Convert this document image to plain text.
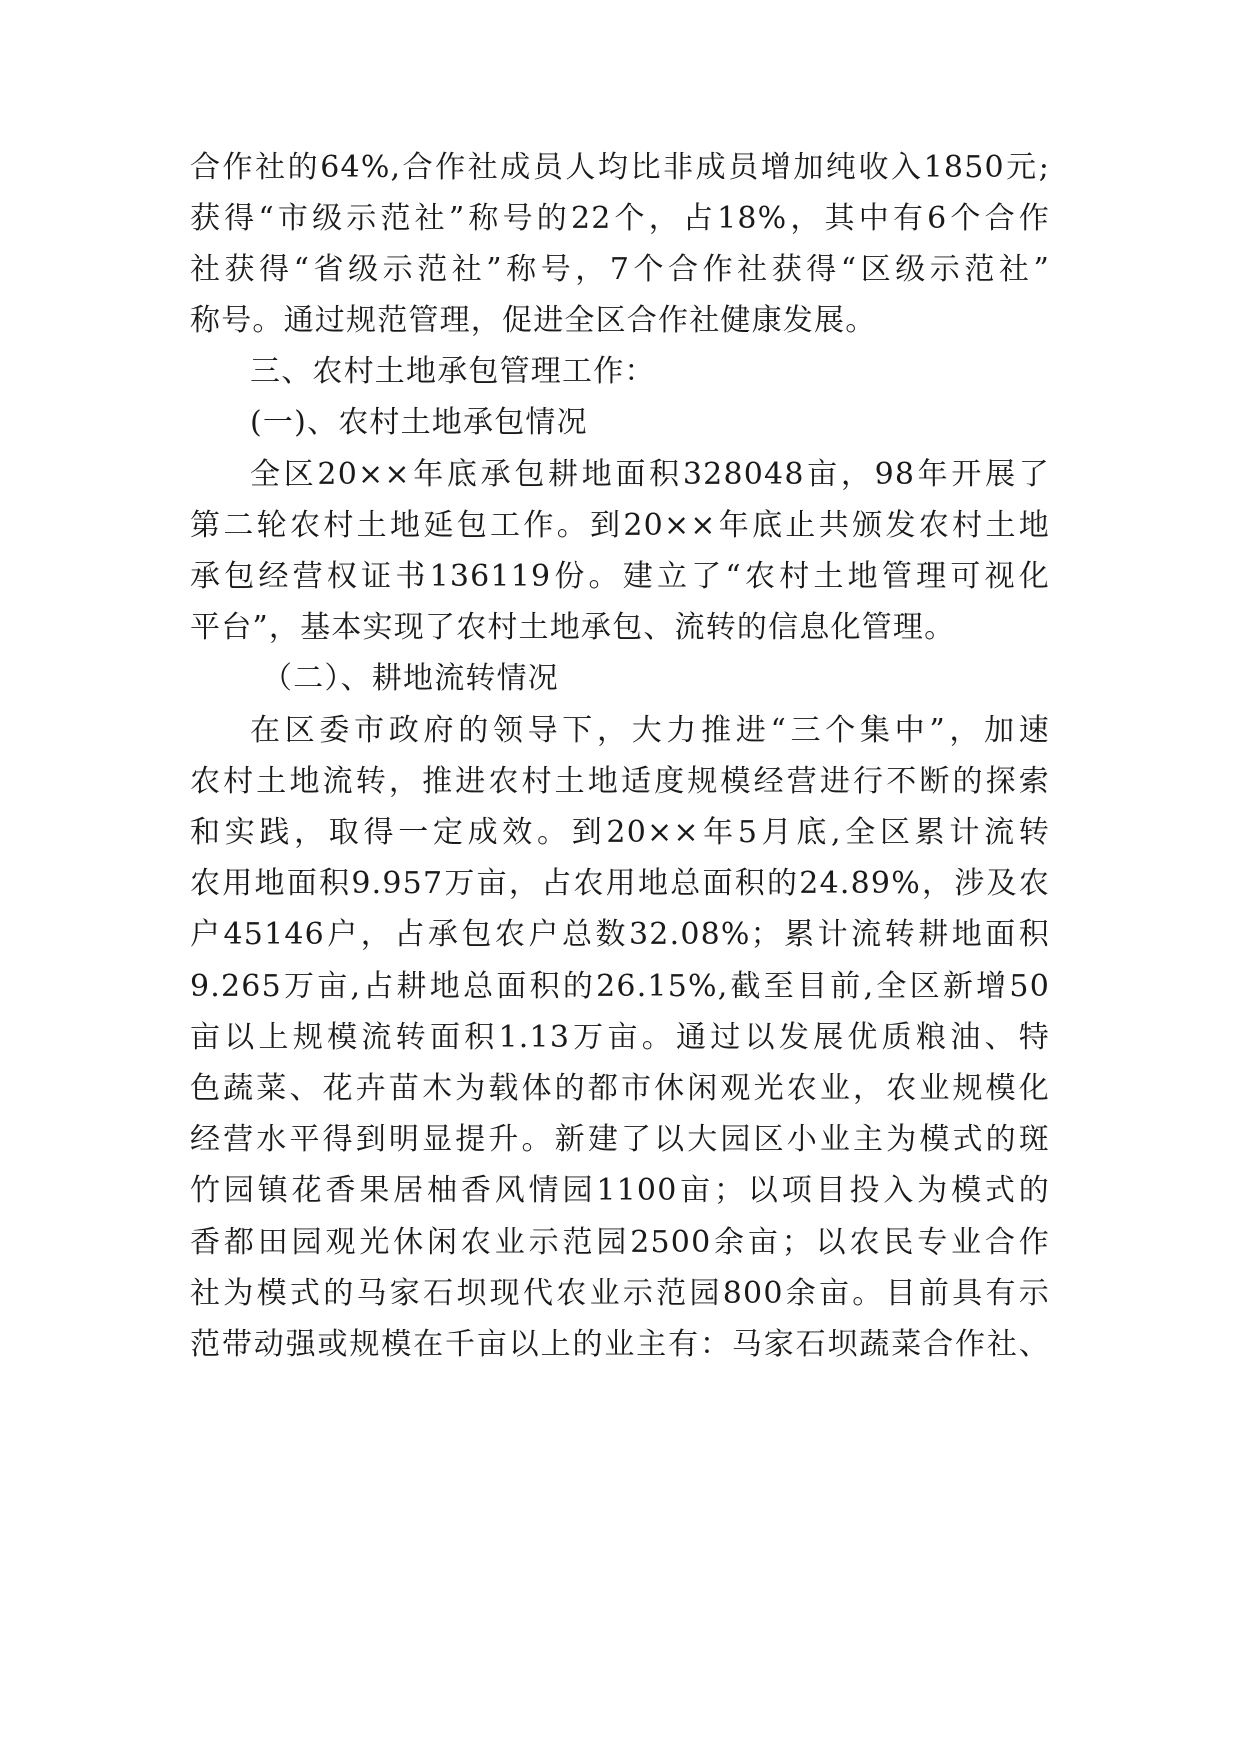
合作社的64%,合作社成员人均比非成员增加纯收入1850元;

获得“市级示范社”称号的22个，占18%，其中有6个合作

社获得“省级示范社”称号，7个合作社获得“区级示范社”

称号。通过规范管理，促进全区合作社健康发展。

三、农村土地承包管理工作：

(一)、农村土地承包情况

全区20××年底承包耕地面积328048亩，98年开展了

第二轮农村土地延包工作。到20××年底止共颁发农村土地

承包经营权证书136119份。建立了“农村土地管理可视化

平台”，基本实现了农村土地承包、流转的信息化管理。

（二）、耕地流转情况

在区委市政府的领导下，大力推进“三个集中”，加速

农村土地流转，推进农村土地适度规模经营进行不断的探索

和实践，取得一定成效。到20××年5月底,全区累计流转

农用地面积9.957万亩，占农用地总面积的24.89%，涉及农

户45146户，占承包农户总数32.08%；累计流转耕地面积

9.265万亩,占耕地总面积的26.15%,截至目前,全区新增50

亩以上规模流转面积1.13万亩。通过以发展优质粮油、特

色蔬菜、花卉苗木为载体的都市休闲观光农业，农业规模化

经营水平得到明显提升。新建了以大园区小业主为模式的斑

竹园镇花香果居柚香风情园1100亩；以项目投入为模式的

香都田园观光休闲农业示范园2500余亩；以农民专业合作

社为模式的马家石坝现代农业示范园800余亩。目前具有示

范带动强或规模在千亩以上的业主有：马家石坝蔬菜合作社、
